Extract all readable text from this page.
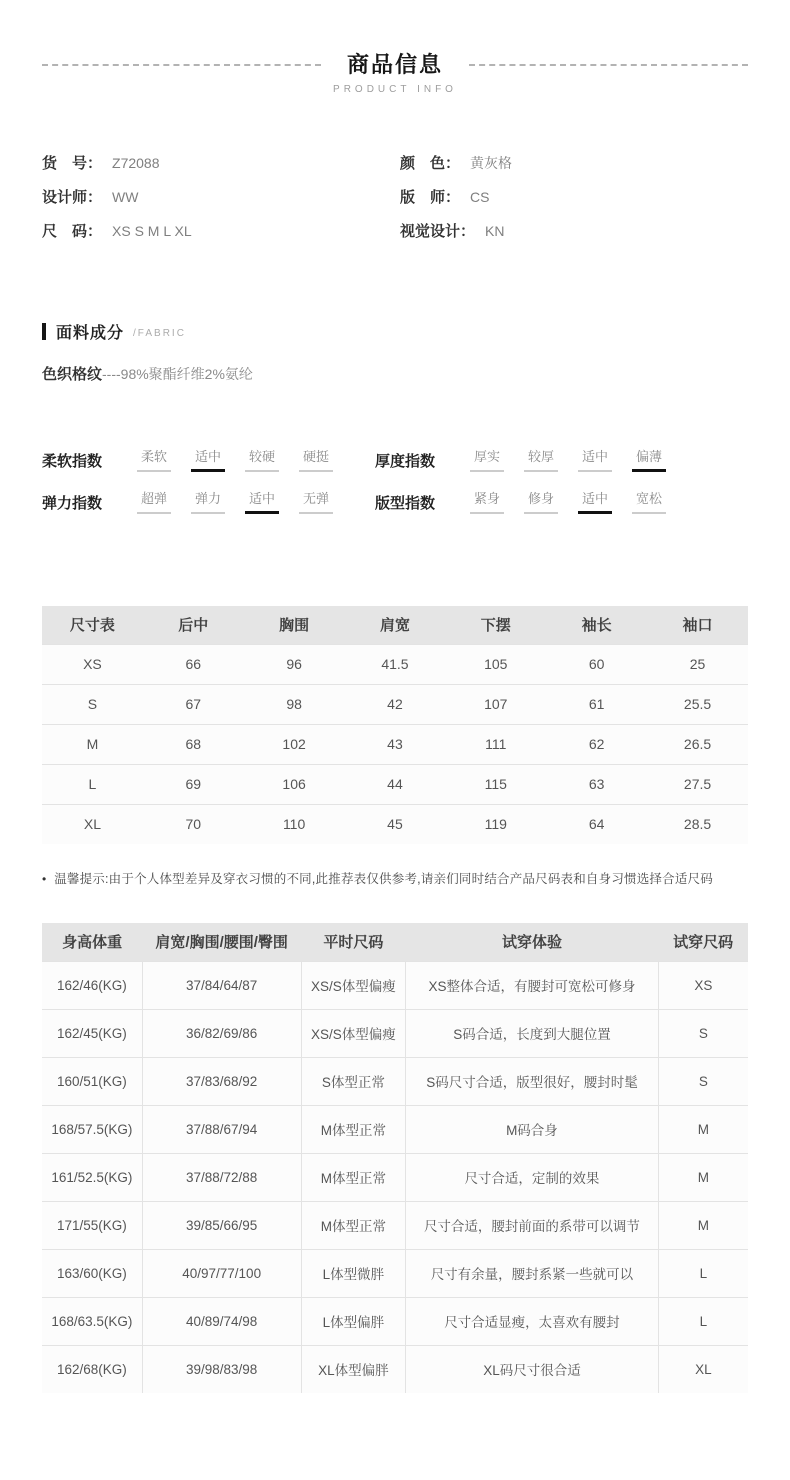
商品信息
PRODUCT INFO
货　号： Z72088	颜　色： 黄灰格
设计师： WW	版　师： CS
尺　码： XS S M L XL	视觉设计： KN
面料成分 /FABRIC
色织格纹----98%聚酯纤维2%氨纶
柔软指数	柔软	适中	较硬	硬挺	厚度指数	厚实	较厚	适中	偏薄
弹力指数	超弹	弹力	适中	无弹	版型指数	紧身	修身	适中	宽松
尺寸表	后中	胸围	肩宽	下摆	袖长	袖口
XS	66	96	41.5	105	60	25
S	67	98	42	107	61	25.5
M	68	102	43	111	62	26.5
L	69	106	44	115	63	27.5
XL	70	110	45	119	64	28.5
• 温馨提示:由于个人体型差异及穿衣习惯的不同,此推荐表仅供参考,请亲们同时结合产品尺码表和自身习惯选择合适尺码
身高体重	肩宽/胸围/腰围/臀围	平时尺码	试穿体验	试穿尺码
162/46(KG)	37/84/64/87	XS/S体型偏瘦	XS整体合适，有腰封可宽松可修身	XS
162/45(KG)	36/82/69/86	XS/S体型偏瘦	S码合适，长度到大腿位置	S
160/51(KG)	37/83/68/92	S体型正常	S码尺寸合适，版型很好，腰封时髦	S
168/57.5(KG)	37/88/67/94	M体型正常	M码合身	M
161/52.5(KG)	37/88/72/88	M体型正常	尺寸合适，定制的效果	M
171/55(KG)	39/85/66/95	M体型正常	尺寸合适，腰封前面的系带可以调节	M
163/60(KG)	40/97/77/100	L体型微胖	尺寸有余量，腰封系紧一些就可以	L
168/63.5(KG)	40/89/74/98	L体型偏胖	尺寸合适显瘦，太喜欢有腰封	L
162/68(KG)	39/98/83/98	XL体型偏胖	XL码尺寸很合适	XL
